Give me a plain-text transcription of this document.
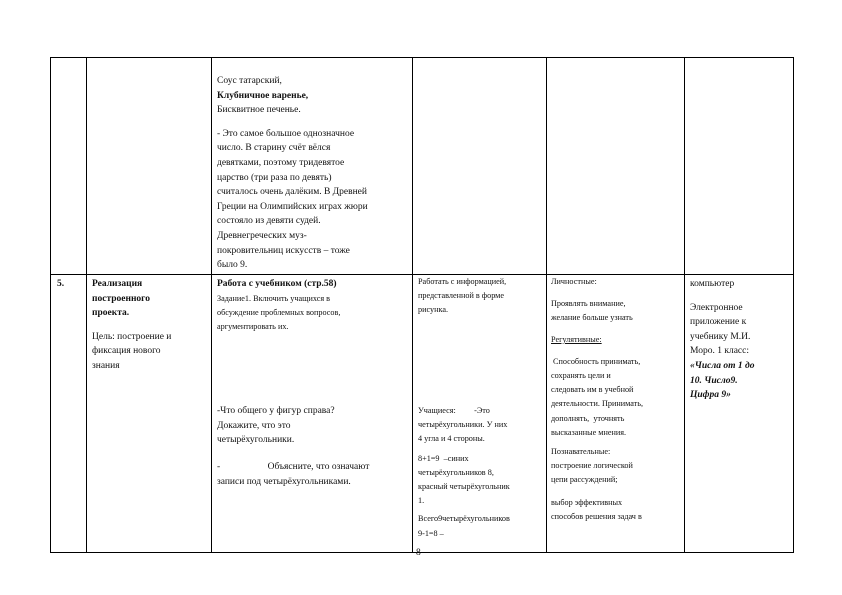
Соус татарский,

Клубничное варенье,

Бисквитное печенье.

- Это самое большое однозначное

число. В старину счёт вёлся

девятками, поэтому тридевятое

царство (три раза по девять)

считалось очень далёким. В Древней

Греции на Олимпийских играх жюри

состояло из девяти судей.

Древнегреческих муз-

покровительниц искусств – тоже

было 9.

5.	Реализация

построенного

проекта.

Цель: построение и

фиксация нового

знания

Работа с учебником (стр.58)

Задание1. Включить учащихся в

обсуждение проблемных вопросов,

аргументировать их.

-Что общего у фигур справа?

Докажите, что это

четырёхугольники.

-                    Объясните, что означают

записи под четырёхугольниками.

Работать с информацией,

представленной в форме

рисунка.

Учащиеся:         -Это

четырёхугольники. У них

4 угла и 4 стороны.

8+1=9  –синих

четырёхугольников 8,

красный четырёхугольник

1.

Всего9четырёхугольников

9-1=8 –

Личностные:

Проявлять внимание,

желание больше узнать

Регулятивные:

Способность принимать,

сохранять цели и

следовать им в учебной

деятельности. Принимать,

дополнять,  уточнять

высказанные мнения.

Познавательные:

построение логической

цепи рассуждений;

выбор эффективных

способов решения задач в

компьютер

Электронное

приложение к

учебнику М.И.

Моро. 1 класс:

«Числа от 1 до

10. Число9.

Цифра 9»

8
